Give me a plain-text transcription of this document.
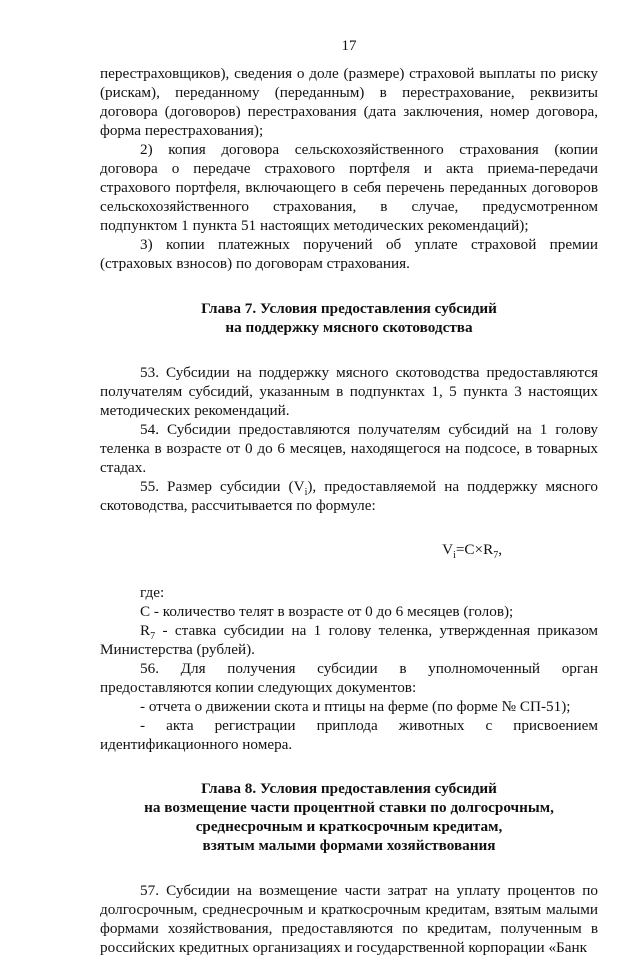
17

перестраховщиков), сведения о доле (размере) страховой выплаты по риску (рискам), переданному (переданным) в перестрахование, реквизиты договора (договоров) перестрахования (дата заключения, номер договора, форма перестрахования);

2) копия договора сельскохозяйственного страхования (копии договора о передаче страхового портфеля и акта приема-передачи страхового портфеля, включающего в себя перечень переданных договоров сельскохозяйственного страхования, в случае, предусмотренном подпунктом 1 пункта 51 настоящих методических рекомендаций);

3) копии платежных поручений об уплате страховой премии (страховых взносов) по договорам страхования.

Глава 7. Условия предоставления субсидий
на поддержку мясного скотоводства

53. Субсидии на поддержку мясного скотоводства предоставляются получателям субсидий, указанным в подпунктах 1, 5 пункта 3 настоящих методических рекомендаций.

54. Субсидии предоставляются получателям субсидий на 1 голову теленка в возрасте от 0 до 6 месяцев, находящегося на подсосе, в товарных стадах.

55. Размер субсидии $(V_i)$, предоставляемой на поддержку мясного скотоводства, рассчитывается по формуле:

$V_i=C\times R_7$,

где:

С - количество телят в возрасте от 0 до 6 месяцев (голов);

$R_7$ - ставка субсидии на 1 голову теленка, утвержденная приказом Министерства (рублей).

56. Для получения субсидии в уполномоченный орган предоставляются копии следующих документов:

- отчета о движении скота и птицы на ферме (по форме № СП-51);

- акта регистрации приплода животных с присвоением идентификационного номера.

Глава 8. Условия предоставления субсидий
на возмещение части процентной ставки по долгосрочным,
среднесрочным и краткосрочным кредитам,
взятым малыми формами хозяйствования

57. Субсидии на возмещение части затрат на уплату процентов по долгосрочным, среднесрочным и краткосрочным кредитам, взятым малыми формами хозяйствования, предоставляются по кредитам, полученным в российских кредитных организациях и государственной корпорации «Банк
